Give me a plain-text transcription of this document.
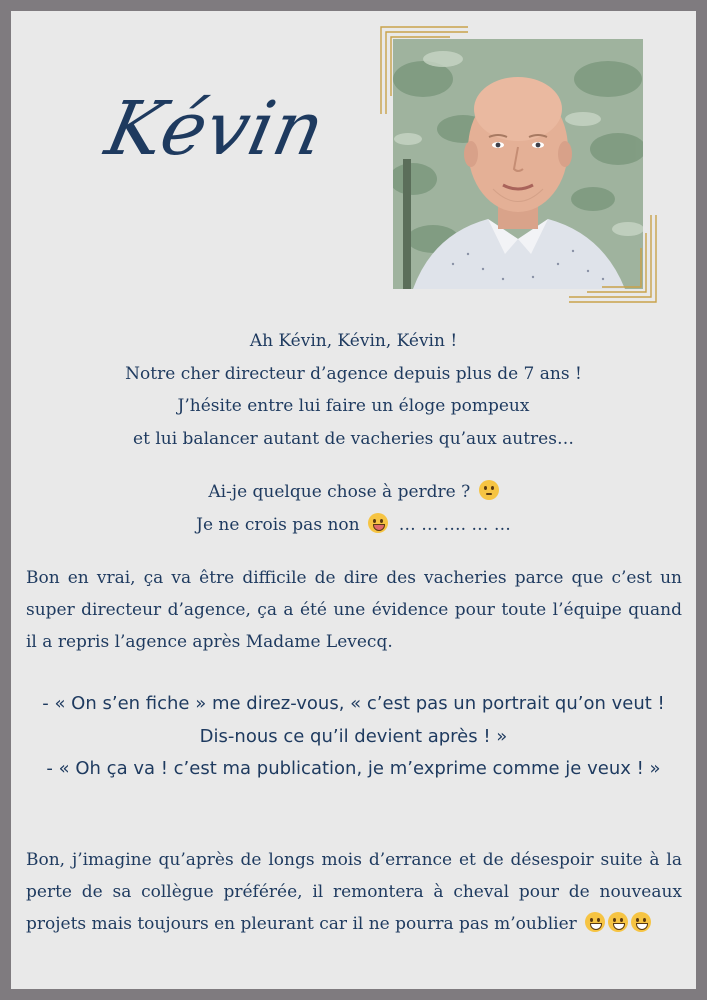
Kévin
Ah Kévin, Kévin, Kévin !
Notre cher directeur d’agence depuis plus de 7 ans !
J’hésite entre lui faire un éloge pompeux
et lui balancer autant de vacheries qu’aux autres…
Ai-je quelque chose à perdre ?
Je ne crois pas non … … …. … …
Bon en vrai, ça va être difficile de dire des vacheries parce que c’est un super directeur d’agence, ça a été une évidence pour toute l’équipe quand il a repris l’agence après Madame Levecq.
- « On s’en fiche » me direz-vous, « c’est pas un portrait qu’on veut ! Dis-nous ce qu’il devient après ! »
- « Oh ça va ! c’est ma publication, je m’exprime comme je veux ! »
Bon, j’imagine qu’après de longs mois d’errance et de désespoir suite à la perte de sa collègue préférée, il remontera à cheval pour de nouveaux projets mais toujours en pleurant car il ne pourra pas m’oublier
